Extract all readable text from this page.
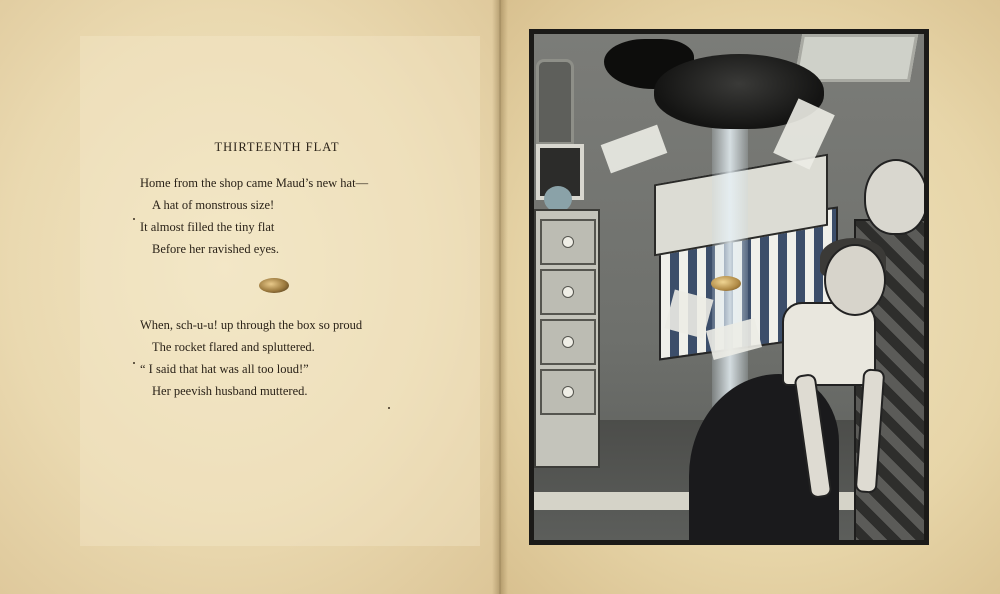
THIRTEENTH FLAT
Home from the shop came Maud’s new hat—
A hat of monstrous size!
It almost filled the tiny flat
Before her ravished eyes.
When, sch-u-u! up through the box so proud
The rocket flared and spluttered.
“ I said that hat was all too loud!”
Her peevish husband muttered.
